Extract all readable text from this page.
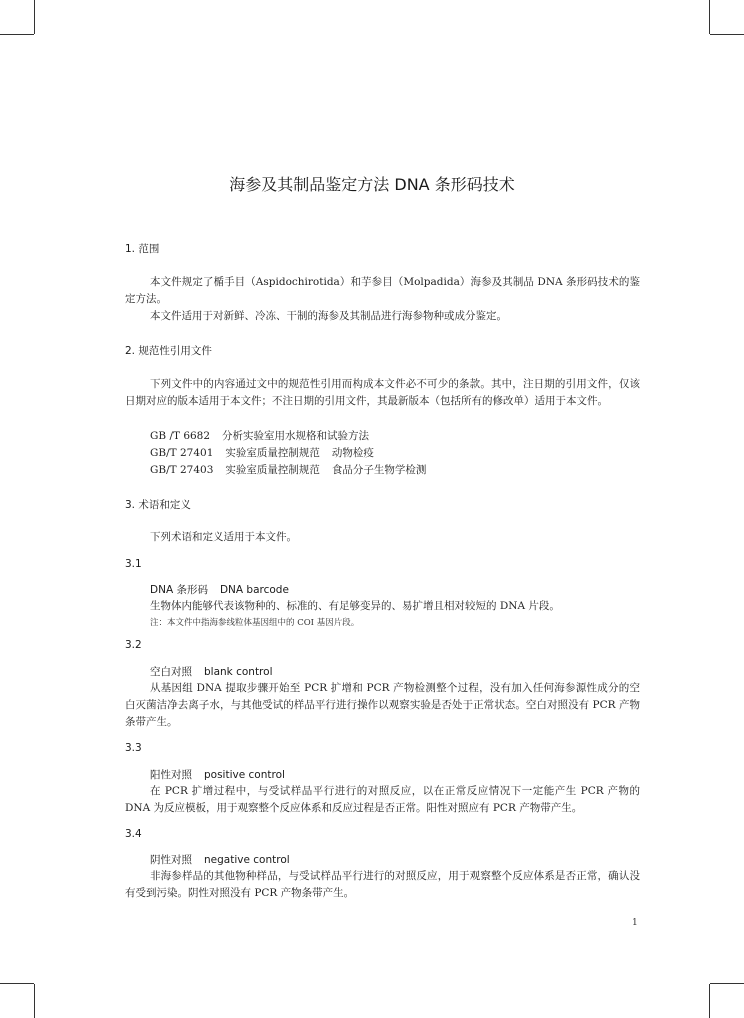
海参及其制品鉴定方法 DNA 条形码技术
1. 范围

本文件规定了楯手目（Aspidochirotida）和芋参目（Molpadida）海参及其制品 DNA 条形码技术的鉴定方法。

本文件适用于对新鲜、冷冻、干制的海参及其制品进行海参物种或成分鉴定。

2. 规范性引用文件

下列文件中的内容通过文中的规范性引用而构成本文件必不可少的条款。其中，注日期的引用文件，仅该日期对应的版本适用于本文件；不注日期的引用文件，其最新版本（包括所有的修改单）适用于本文件。

GB /T 6682 分析实验室用水规格和试验方法
GB/T 27401 实验室质量控制规范 动物检疫
GB/T 27403 实验室质量控制规范 食品分子生物学检测
3. 术语和定义

下列术语和定义适用于本文件。

3.1
DNA 条形码 DNA barcode

生物体内能够代表该物种的、标准的、有足够变异的、易扩增且相对较短的 DNA 片段。

注：本文件中指海参线粒体基因组中的 COI 基因片段。
3.2
空白对照 blank control

从基因组 DNA 提取步骤开始至 PCR 扩增和 PCR 产物检测整个过程，没有加入任何海参源性成分的空白灭菌洁净去离子水，与其他受试的样品平行进行操作以观察实验是否处于正常状态。空白对照没有 PCR 产物条带产生。

3.3
阳性对照 positive control

在 PCR 扩增过程中，与受试样品平行进行的对照反应，以在正常反应情况下一定能产生 PCR 产物的 DNA 为反应模板，用于观察整个反应体系和反应过程是否正常。阳性对照应有 PCR 产物带产生。

3.4
阴性对照 negative control

非海参样品的其他物种样品，与受试样品平行进行的对照反应，用于观察整个反应体系是否正常，确认没有受到污染。阴性对照没有 PCR 产物条带产生。

1
